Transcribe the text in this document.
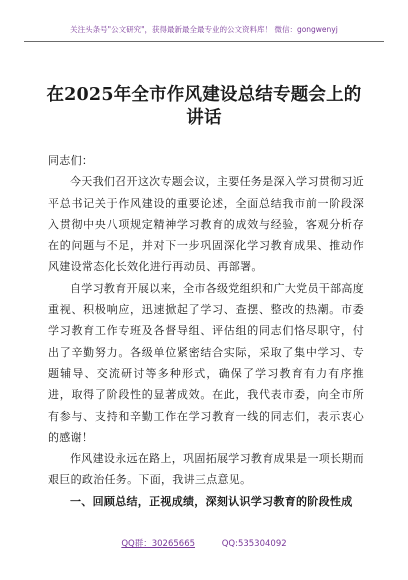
关注头条号"公文研究"，获得最新最全最专业的公文资料库！ 微信：gongwenyj
在2025年全市作风建设总结专题会上的讲话

同志们：

今天我们召开这次专题会议，主要任务是深入学习贯彻习近平总书记关于作风建设的重要论述，全面总结我市前一阶段深入贯彻中央八项规定精神学习教育的成效与经验，客观分析存在的问题与不足，并对下一步巩固深化学习教育成果、推动作风建设常态化长效化进行再动员、再部署。

自学习教育开展以来，全市各级党组织和广大党员干部高度重视、积极响应，迅速掀起了学习、查摆、整改的热潮。市委学习教育工作专班及各督导组、评估组的同志们恪尽职守，付出了辛勤努力。各级单位紧密结合实际，采取了集中学习、专题辅导、交流研讨等多种形式，确保了学习教育有力有序推进，取得了阶段性的显著成效。在此，我代表市委，向全市所有参与、支持和辛勤工作在学习教育一线的同志们，表示衷心的感谢！

作风建设永远在路上，巩固拓展学习教育成果是一项长期而艰巨的政治任务。下面，我讲三点意见。

一、回顾总结，正视成绩，深刻认识学习教育的阶段性成

QQ群：30265665	QQ:535304092
